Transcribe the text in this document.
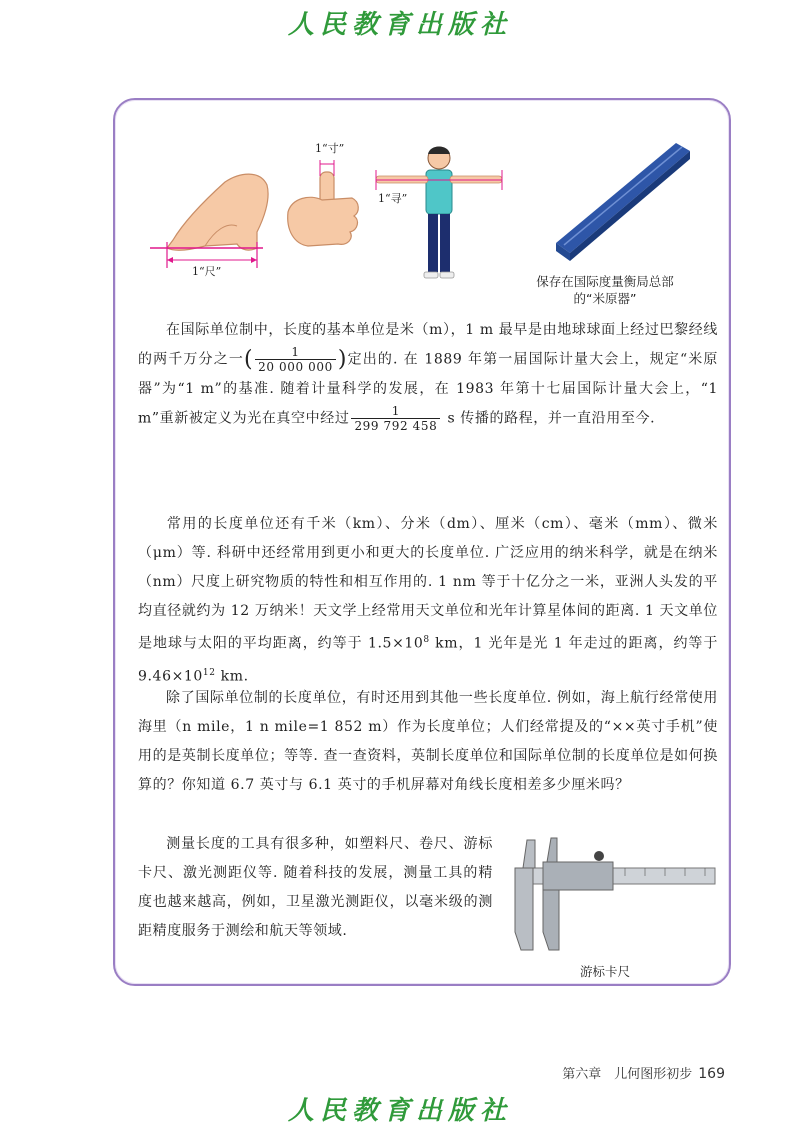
人民教育出版社
1“尺”
1“寸”
1“寻”
保存在国际度量衡局总部
的“米原器”
在国际单位制中，长度的基本单位是米（m），1 m 最早是由地球球面上经过巴黎经线的两千万分之一( $\frac{1}{20 000 000}$ )定出的. 在 1889 年第一届国际计量大会上，规定“米原器”为“1 m”的基准. 随着计量科学的发展，在 1983 年第十七届国际计量大会上，“1 m”重新被定义为光在真空中经过 $\frac{1}{299 792 458}$ s 传播的路程，并一直沿用至今.
常用的长度单位还有千米（km）、分米（dm）、厘米（cm）、毫米（mm）、微米（μm）等. 科研中还经常用到更小和更大的长度单位. 广泛应用的纳米科学，就是在纳米（nm）尺度上研究物质的特性和相互作用的. 1 nm 等于十亿分之一米，亚洲人头发的平均直径就约为 12 万纳米！天文学上经常用天文单位和光年计算星体间的距离. 1 天文单位是地球与太阳的平均距离，约等于 $1.5\times 10^8$ km，1 光年是光 1 年走过的距离，约等于 $9.46\times 10^{12}$ km.
除了国际单位制的长度单位，有时还用到其他一些长度单位. 例如，海上航行经常使用海里（n mile，1 n mile=1 852 m）作为长度单位；人们经常提及的“××英寸手机”使用的是英制长度单位；等等. 查一查资料，英制长度单位和国际单位制的长度单位是如何换算的？你知道 6.7 英寸与 6.1 英寸的手机屏幕对角线长度相差多少厘米吗？
测量长度的工具有很多种，如塑料尺、卷尺、游标卡尺、激光测距仪等. 随着科技的发展，测量工具的精度也越来越高，例如，卫星激光测距仪，以毫米级的测距精度服务于测绘和航天等领域.
游标卡尺
第六章　儿何图形初步 169
人民教育出版社
